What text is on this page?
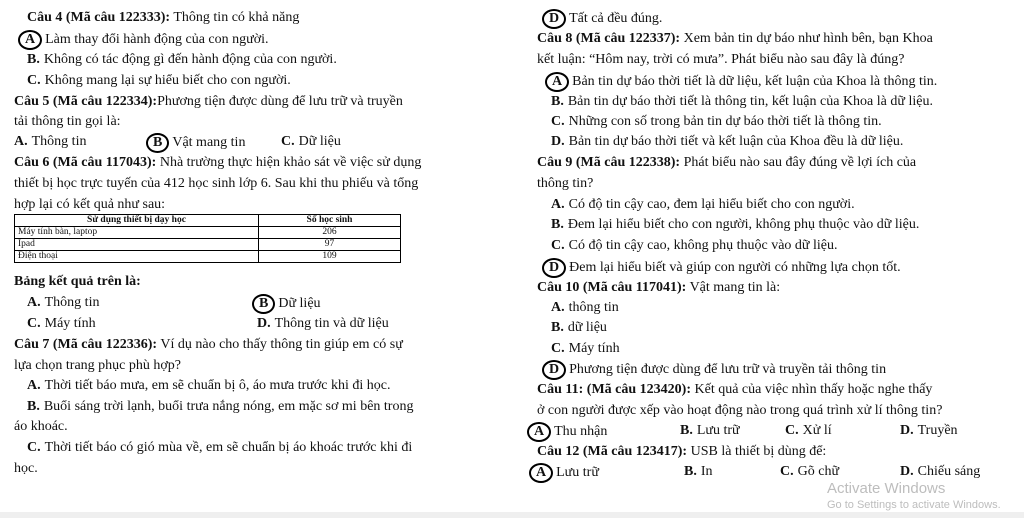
Câu 4 (Mã câu 122333): Thông tin có khả năng
A Làm thay đổi hành động của con người.
B. Không có tác động gì đến hành động của con người.
C. Không mang lại sự hiểu biết cho con người.
Câu 5 (Mã câu 122334):Phương tiện được dùng để lưu trữ và truyền
tải thông tin gọi là:
A. Thông tin	B Vật mang tin	C. Dữ liệu
Câu 6 (Mã câu 117043): Nhà trường thực hiện khảo sát về việc sử dụng
thiết bị học trực tuyến của 412 học sinh lớp 6. Sau khi thu phiếu và tổng
hợp lại có kết quả như sau:
Sử dụng thiết bị dạy học	Số học sinh
Máy tính bàn, laptop	206
Ipad	97
Điện thoại	109
Bảng kết quả trên là:
A. Thông tin	B Dữ liệu
C. Máy tính	D. Thông tin và dữ liệu
Câu 7 (Mã câu 122336): Ví dụ nào cho thấy thông tin giúp em có sự
lựa chọn trang phục phù hợp?
A. Thời tiết báo mưa, em sẽ chuẩn bị ô, áo mưa trước khi đi học.
B. Buổi sáng trời lạnh, buổi trưa nắng nóng, em mặc sơ mi bên trong
áo khoác.
C. Thời tiết báo có gió mùa về, em sẽ chuẩn bị áo khoác trước khi đi
học.
D Tất cả đều đúng.
Câu 8 (Mã câu 122337): Xem bản tin dự báo như hình bên, bạn Khoa
kết luận: “Hôm nay, trời có mưa”. Phát biểu nào sau đây là đúng?
A Bản tin dự báo thời tiết là dữ liệu, kết luận của Khoa là thông tin.
B. Bản tin dự báo thời tiết là thông tin, kết luận của Khoa là dữ liệu.
C. Những con số trong bản tin dự báo thời tiết là thông tin.
D. Bản tin dự báo thời tiết và kết luận của Khoa đều là dữ liệu.
Câu 9 (Mã câu 122338): Phát biểu nào sau đây đúng về lợi ích của
thông tin?
A. Có độ tin cậy cao, đem lại hiểu biết cho con người.
B. Đem lại hiểu biết cho con người, không phụ thuộc vào dữ liệu.
C. Có độ tin cậy cao, không phụ thuộc vào dữ liệu.
D Đem lại hiểu biết và giúp con người có những lựa chọn tốt.
Câu 10 (Mã câu 117041): Vật mang tin là:
A. thông tin
B. dữ liệu
C. Máy tính
D Phương tiện được dùng để lưu trữ và truyền tải thông tin
Câu 11: (Mã câu 123420): Kết quả của việc nhìn thấy hoặc nghe thấy
ở con người được xếp vào hoạt động nào trong quá trình xử lí thông tin?
A Thu nhận	B. Lưu trữ	C. Xử lí	D. Truyền
Câu 12 (Mã câu 123417): USB là thiết bị dùng để:
A Lưu trữ	B. In	C. Gõ chữ	D. Chiếu sáng
Activate Windows
Go to Settings to activate Windows.
